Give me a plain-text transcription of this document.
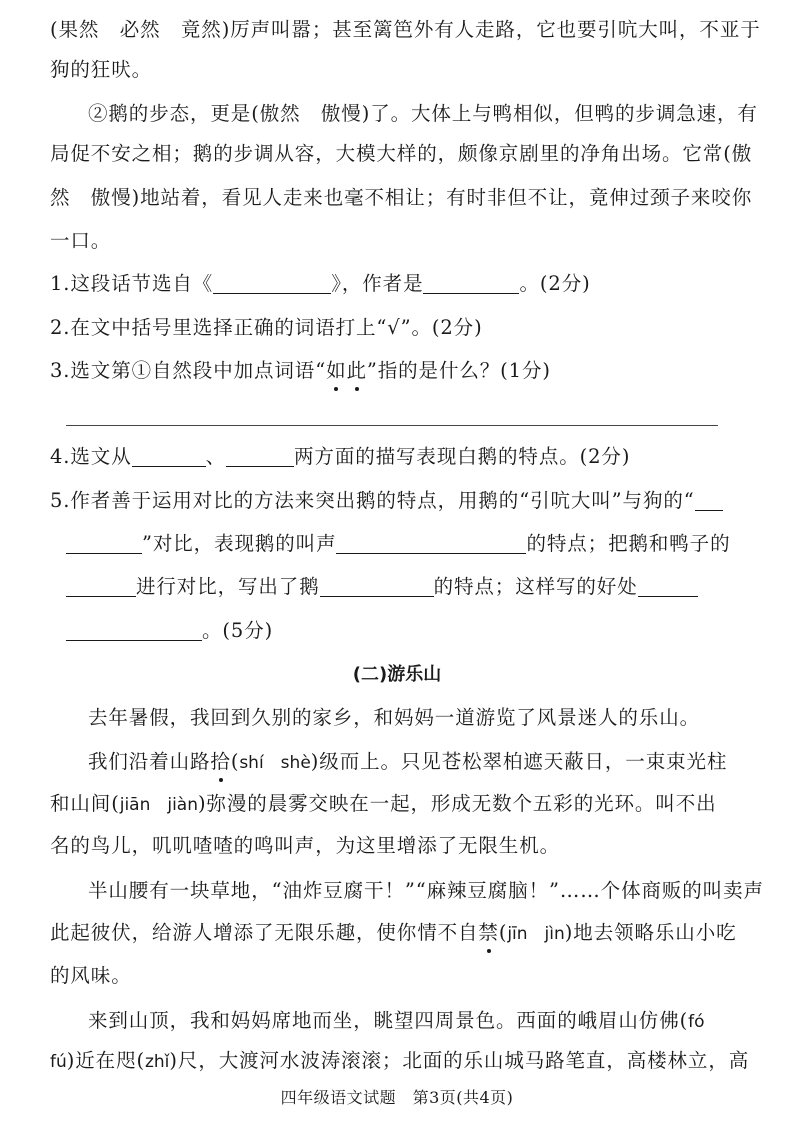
(果然　必然　竟然)厉声叫嚣；甚至篱笆外有人走路，它也要引吭大叫，不亚于
狗的狂吠。
②鹅的步态，更是(傲然　傲慢)了。大体上与鸭相似，但鸭的步调急速，有
局促不安之相；鹅的步调从容，大模大样的，颇像京剧里的净角出场。它常(傲
然　傲慢)地站着，看见人走来也毫不相让；有时非但不让，竟伸过颈子来咬你
一口。
1.这段话节选自《	》，作者是	。(2分)
2.在文中括号里选择正确的词语打上“√”。(2分)
3.选文第①自然段中加点词语“如此”指的是什么？(1分)
4.选文从	、	两方面的描写表现白鹅的特点。(2分)
5.作者善于运用对比的方法来突出鹅的特点，用鹅的“引吭大叫”与狗的“
”对比，表现鹅的叫声	的特点；把鹅和鸭子的
进行对比，写出了鹅	的特点；这样写的好处
。(5分)
(二)游乐山
去年暑假，我回到久别的家乡，和妈妈一道游览了风景迷人的乐山。
我们沿着山路拾(shí　shè)级而上。只见苍松翠柏遮天蔽日，一束束光柱
和山间(jiān　jiàn)弥漫的晨雾交映在一起，形成无数个五彩的光环。叫不出
名的鸟儿，叽叽喳喳的鸣叫声，为这里增添了无限生机。
半山腰有一块草地，“油炸豆腐干！”“麻辣豆腐脑！”……个体商贩的叫卖声
此起彼伏，给游人增添了无限乐趣，使你情不自禁(jīn　jìn)地去领略乐山小吃
的风味。
来到山顶，我和妈妈席地而坐，眺望四周景色。西面的峨眉山仿佛(fó
fú)近在咫(zhǐ)尺，大渡河水波涛滚滚；北面的乐山城马路笔直，高楼林立，高
四年级语文试题　第3页(共4页)
